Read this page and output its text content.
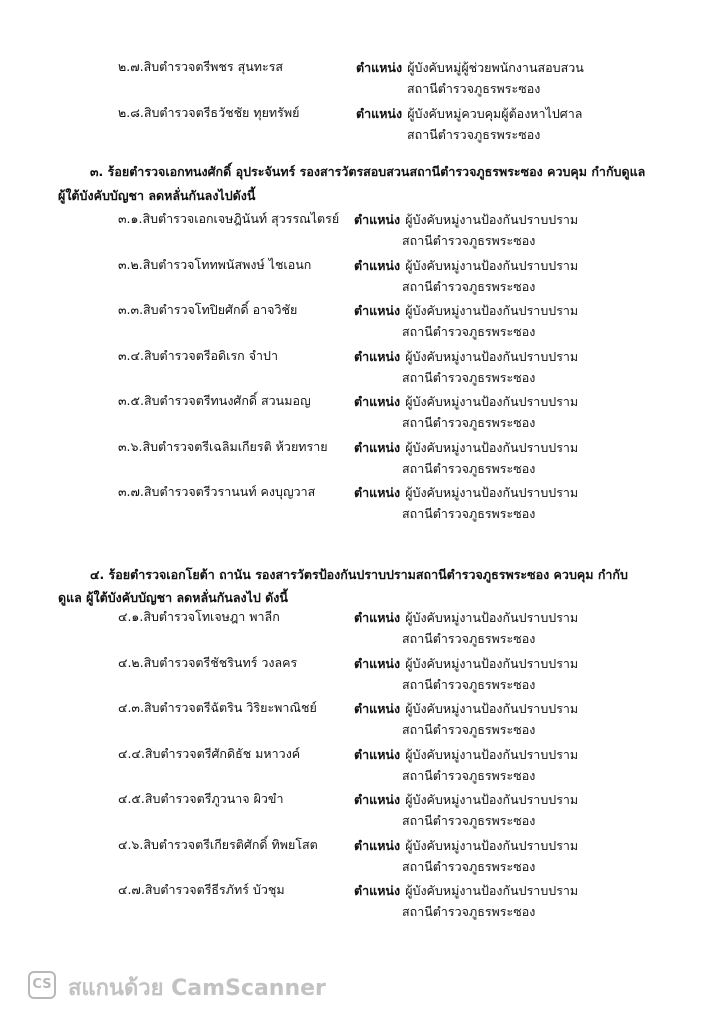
๒.๗.สิบตำรวจตรีพชร สุนทะรส	ตำแหน่ง ผู้บังคับหมู่ผู้ช่วยพนักงานสอบสวน
สถานีตำรวจภูธรพระซอง
๒.๘.สิบตำรวจตรีธวัชชัย ทุยทรัพย์	ตำแหน่ง ผู้บังคับหมู่ควบคุมผู้ต้องหาไปศาล
สถานีตำรวจภูธรพระซอง
๓. ร้อยตำรวจเอกทนงศักดิ์ อุประจันทร์ รองสารวัตรสอบสวนสถานีตำรวจภูธรพระซอง ควบคุม กำกับดูแล
ผู้ใต้บังคับบัญชา ลดหลั่นกันลงไปดังนี้
๓.๑.สิบตำรวจเอกเจษฎินันท์ สุวรรณไตรย์ ตำแหน่ง ผู้บังคับหมู่งานป้องกันปราบปราม
สถานีตำรวจภูธรพระซอง
๓.๒.สิบตำรวจโททพนัสพงษ์ ไชเอนก	ตำแหน่ง ผู้บังคับหมู่งานป้องกันปราบปราม
สถานีตำรวจภูธรพระซอง
๓.๓.สิบตำรวจโทปิยศักดิ์ อาจวิชัย	ตำแหน่ง ผู้บังคับหมู่งานป้องกันปราบปราม
สถานีตำรวจภูธรพระซอง
๓.๔.สิบตำรวจตรีอดิเรก จำปา	ตำแหน่ง ผู้บังคับหมู่งานป้องกันปราบปราม
สถานีตำรวจภูธรพระซอง
๓.๕.สิบตำรวจตรีทนงศักดิ์ สวนมอญ	ตำแหน่ง ผู้บังคับหมู่งานป้องกันปราบปราม
สถานีตำรวจภูธรพระซอง
๓.๖.สิบตำรวจตรีเฉลิมเกียรติ ห้วยทราย ตำแหน่ง ผู้บังคับหมู่งานป้องกันปราบปราม
สถานีตำรวจภูธรพระซอง
๓.๗.สิบตำรวจตรีวรานนท์ คงบุญวาส	ตำแหน่ง ผู้บังคับหมู่งานป้องกันปราบปราม
สถานีตำรวจภูธรพระซอง
๔. ร้อยตำรวจเอกโยต้า ถานัน รองสารวัตรป้องกันปราบปรามสถานีตำรวจภูธรพระซอง ควบคุม กำกับ
ดูแล ผู้ใต้บังคับบัญชา ลดหลั่นกันลงไป ดังนี้
๔.๑.สิบตำรวจโทเจษฎา พาลีก	ตำแหน่ง ผู้บังคับหมู่งานป้องกันปราบปราม
สถานีตำรวจภูธรพระซอง
๔.๒.สิบตำรวจตรีชัชรินทร์ วงลคร	ตำแหน่ง ผู้บังคับหมู่งานป้องกันปราบปราม
สถานีตำรวจภูธรพระซอง
๔.๓.สิบตำรวจตรีฉัตริน วิริยะพาณิชย์	ตำแหน่ง ผู้บังคับหมู่งานป้องกันปราบปราม
สถานีตำรวจภูธรพระซอง
๔.๔.สิบตำรวจตรีศักดิธัช มหาวงค์	ตำแหน่ง ผู้บังคับหมู่งานป้องกันปราบปราม
สถานีตำรวจภูธรพระซอง
๔.๕.สิบตำรวจตรีภูวนาจ ผิวขำ	ตำแหน่ง ผู้บังคับหมู่งานป้องกันปราบปราม
สถานีตำรวจภูธรพระซอง
๔.๖.สิบตำรวจตรีเกียรติศักดิ์ ทิพยโสต	ตำแหน่ง ผู้บังคับหมู่งานป้องกันปราบปราม
สถานีตำรวจภูธรพระซอง
๔.๗.สิบตำรวจตรีธีรภัทร์ บัวชุม	ตำแหน่ง ผู้บังคับหมู่งานป้องกันปราบปราม
สถานีตำรวจภูธรพระซอง
CS สแกนด้วย CamScanner
